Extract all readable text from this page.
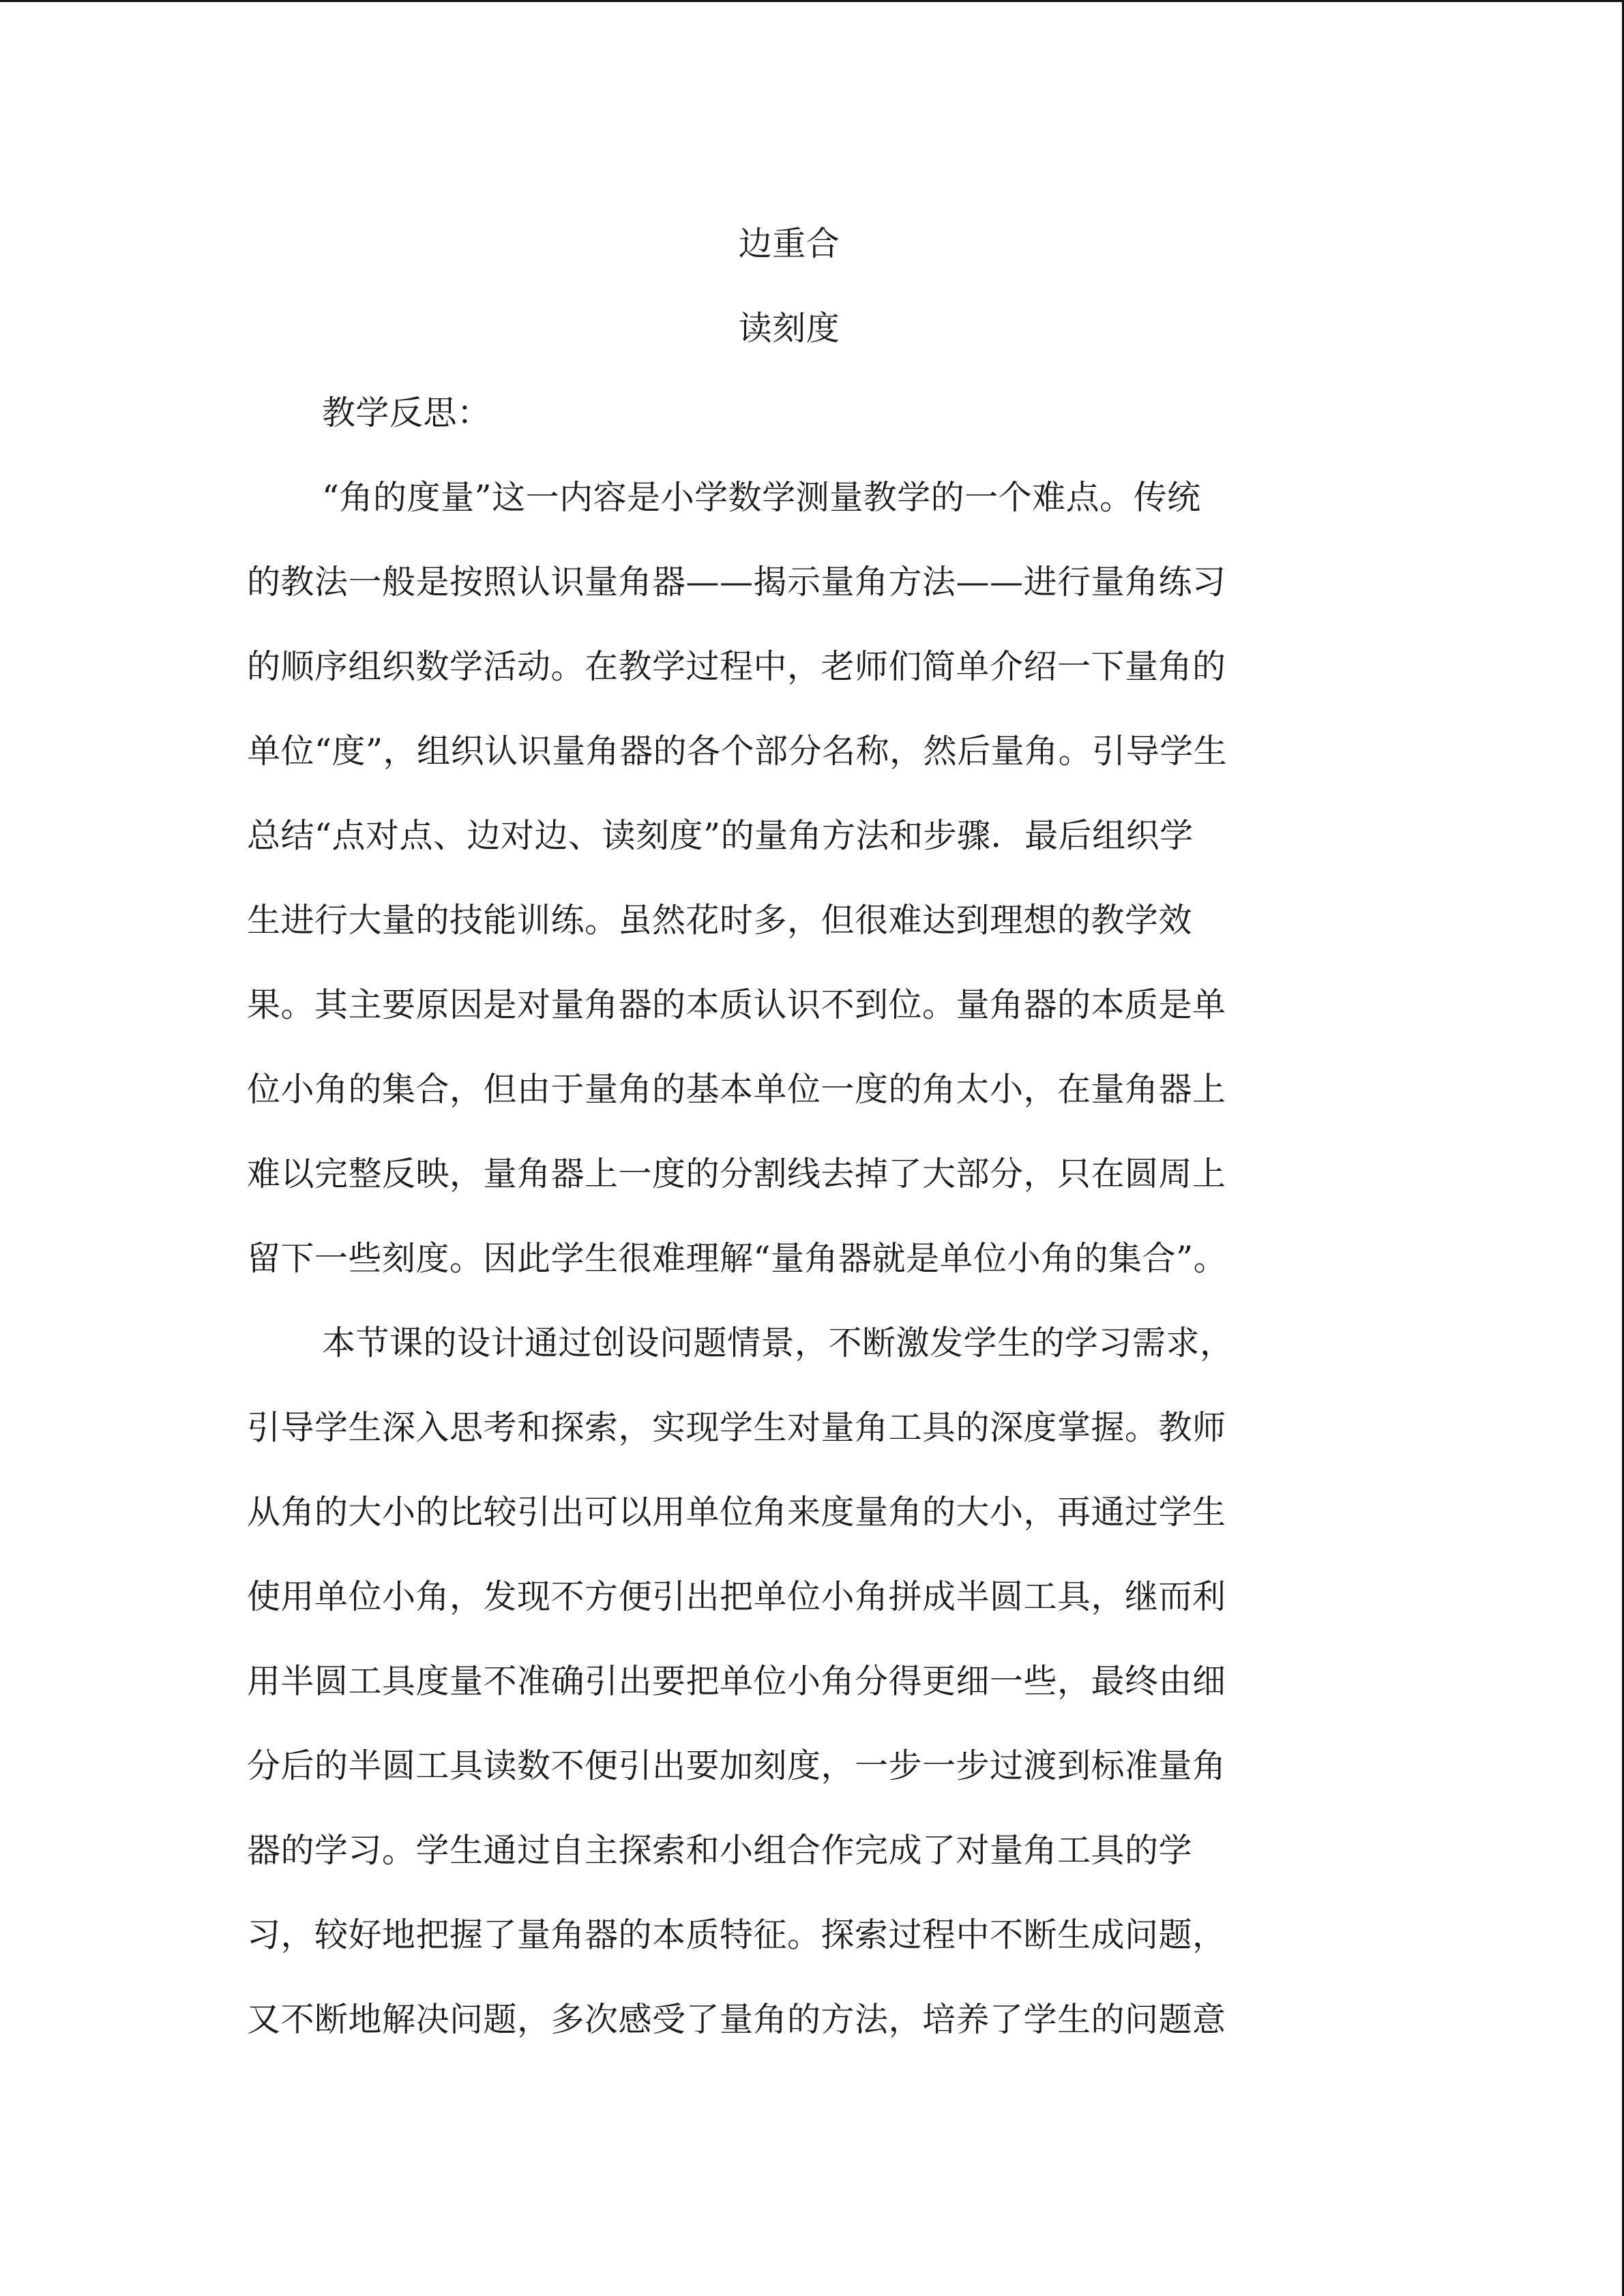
边重合
读刻度
教学反思：
“角的度量”这一内容是小学数学测量教学的一个难点。传统
的教法一般是按照认识量角器——揭示量角方法——进行量角练习
的顺序组织数学活动。在教学过程中，老师们简单介绍一下量角的
单位“度”，组织认识量角器的各个部分名称，然后量角。引导学生
总结“点对点、边对边、读刻度”的量角方法和步骤．最后组织学
生进行大量的技能训练。虽然花时多，但很难达到理想的教学效
果。其主要原因是对量角器的本质认识不到位。量角器的本质是单
位小角的集合，但由于量角的基本单位一度的角太小，在量角器上
难以完整反映，量角器上一度的分割线去掉了大部分，只在圆周上
留下一些刻度。因此学生很难理解“量角器就是单位小角的集合”。
本节课的设计通过创设问题情景，不断激发学生的学习需求，
引导学生深入思考和探索，实现学生对量角工具的深度掌握。教师
从角的大小的比较引出可以用单位角来度量角的大小，再通过学生
使用单位小角，发现不方便引出把单位小角拼成半圆工具，继而利
用半圆工具度量不准确引出要把单位小角分得更细一些，最终由细
分后的半圆工具读数不便引出要加刻度，一步一步过渡到标准量角
器的学习。学生通过自主探索和小组合作完成了对量角工具的学
习，较好地把握了量角器的本质特征。探索过程中不断生成问题，
又不断地解决问题，多次感受了量角的方法，培养了学生的问题意
